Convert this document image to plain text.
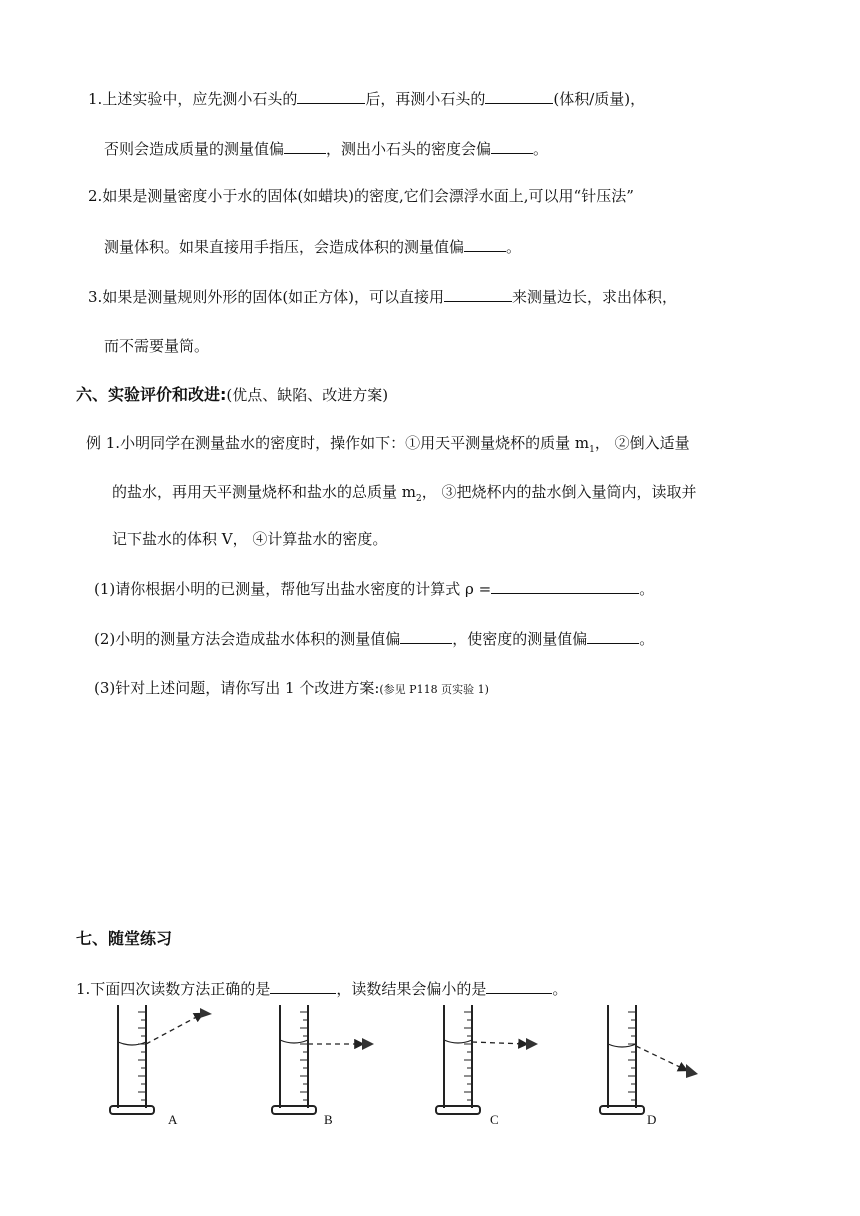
1.上述实验中，应先测小石头的	后，再测小石头的	(体积/质量)，
否则会造成质量的测量值偏	，测出小石头的密度会偏	。
2.如果是测量密度小于水的固体(如蜡块)的密度,它们会漂浮水面上,可以用“针压法”
测量体积。如果直接用手指压，会造成体积的测量值偏	。
3.如果是测量规则外形的固体(如正方体)，可以直接用	来测量边长，求出体积，
而不需要量筒。
六、实验评价和改进:(优点、缺陷、改进方案)
例 1.小明同学在测量盐水的密度时，操作如下：①用天平测量烧杯的质量 $m_1$， ②倒入适量
的盐水，再用天平测量烧杯和盐水的总质量 $m_2$， ③把烧杯内的盐水倒入量筒内，读取并
记下盐水的体积 V， ④计算盐水的密度。
(1)请你根据小明的已测量，帮他写出盐水密度的计算式 ρ =	。
(2)小明的测量方法会造成盐水体积的测量值偏	，使密度的测量值偏	。
(3)针对上述问题，请你写出 1 个改进方案:(参见 P118 页实验 1)
七、随堂练习
1.下面四次读数方法正确的是	，读数结果会偏小的是	。
A	B	C	D
